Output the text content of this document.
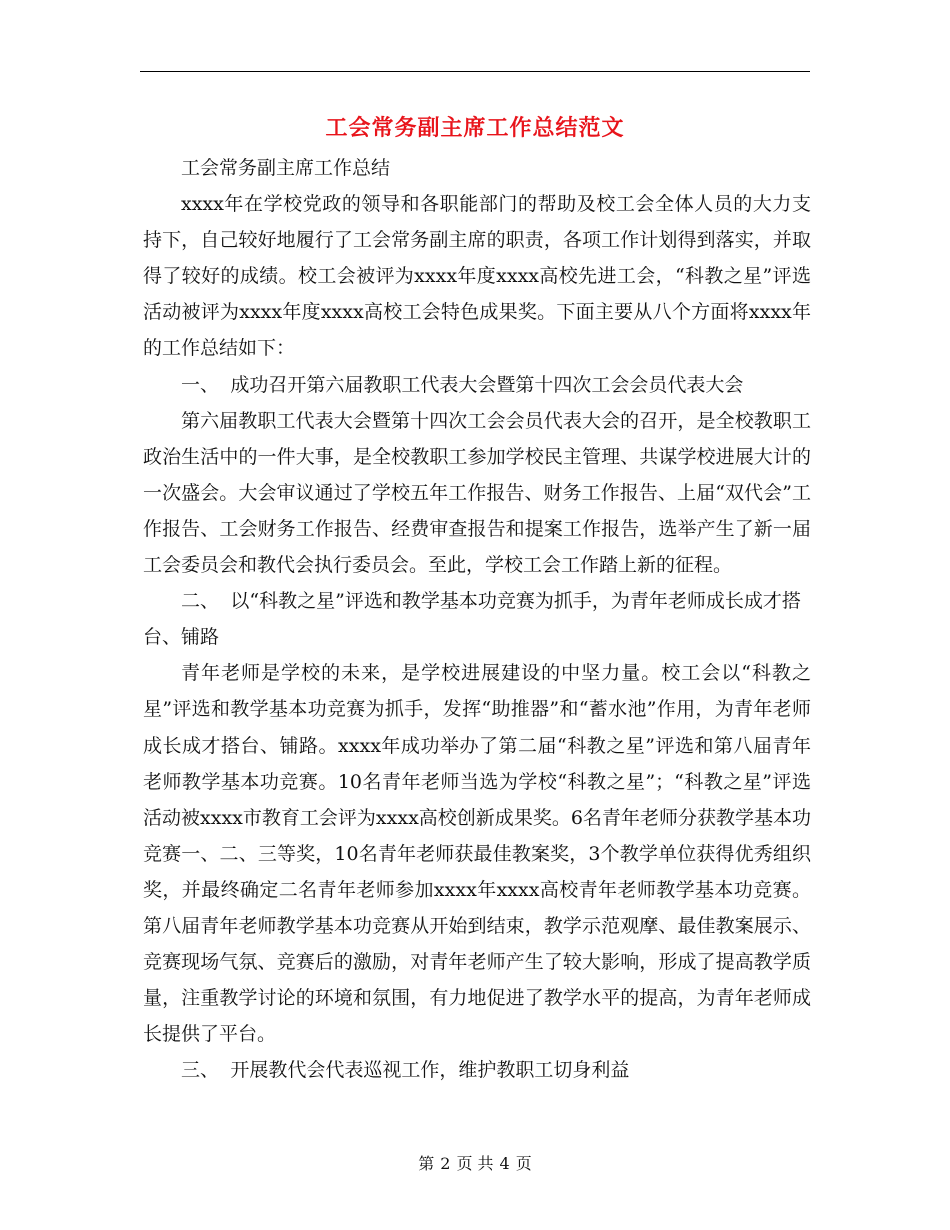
工会常务副主席工作总结范文

工会常务副主席工作总结

xxxx年在学校党政的领导和各职能部门的帮助及校工会全体人员的大力支持下，自己较好地履行了工会常务副主席的职责，各项工作计划得到落实，并取得了较好的成绩。校工会被评为xxxx年度xxxx高校先进工会，“科教之星”评选活动被评为xxxx年度xxxx高校工会特色成果奖。下面主要从八个方面将xxxx年的工作总结如下：

一、 成功召开第六届教职工代表大会暨第十四次工会会员代表大会

第六届教职工代表大会暨第十四次工会会员代表大会的召开，是全校教职工政治生活中的一件大事，是全校教职工参加学校民主管理、共谋学校进展大计的一次盛会。大会审议通过了学校五年工作报告、财务工作报告、上届“双代会”工作报告、工会财务工作报告、经费审查报告和提案工作报告，选举产生了新一届工会委员会和教代会执行委员会。至此，学校工会工作踏上新的征程。

二、 以“科教之星”评选和教学基本功竞赛为抓手，为青年老师成长成才搭台、铺路

青年老师是学校的未来，是学校进展建设的中坚力量。校工会以“科教之星”评选和教学基本功竞赛为抓手，发挥“助推器”和“蓄水池”作用，为青年老师成长成才搭台、铺路。xxxx年成功举办了第二届“科教之星”评选和第八届青年老师教学基本功竞赛。10名青年老师当选为学校“科教之星”；“科教之星”评选活动被xxxx市教育工会评为xxxx高校创新成果奖。6名青年老师分获教学基本功竞赛一、二、三等奖，10名青年老师获最佳教案奖，3个教学单位获得优秀组织奖，并最终确定二名青年老师参加xxxx年xxxx高校青年老师教学基本功竞赛。第八届青年老师教学基本功竞赛从开始到结束，教学示范观摩、最佳教案展示、竞赛现场气氛、竞赛后的激励，对青年老师产生了较大影响，形成了提高教学质量，注重教学讨论的环境和氛围，有力地促进了教学水平的提高，为青年老师成长提供了平台。

三、 开展教代会代表巡视工作，维护教职工切身利益

第 2 页 共 4 页
